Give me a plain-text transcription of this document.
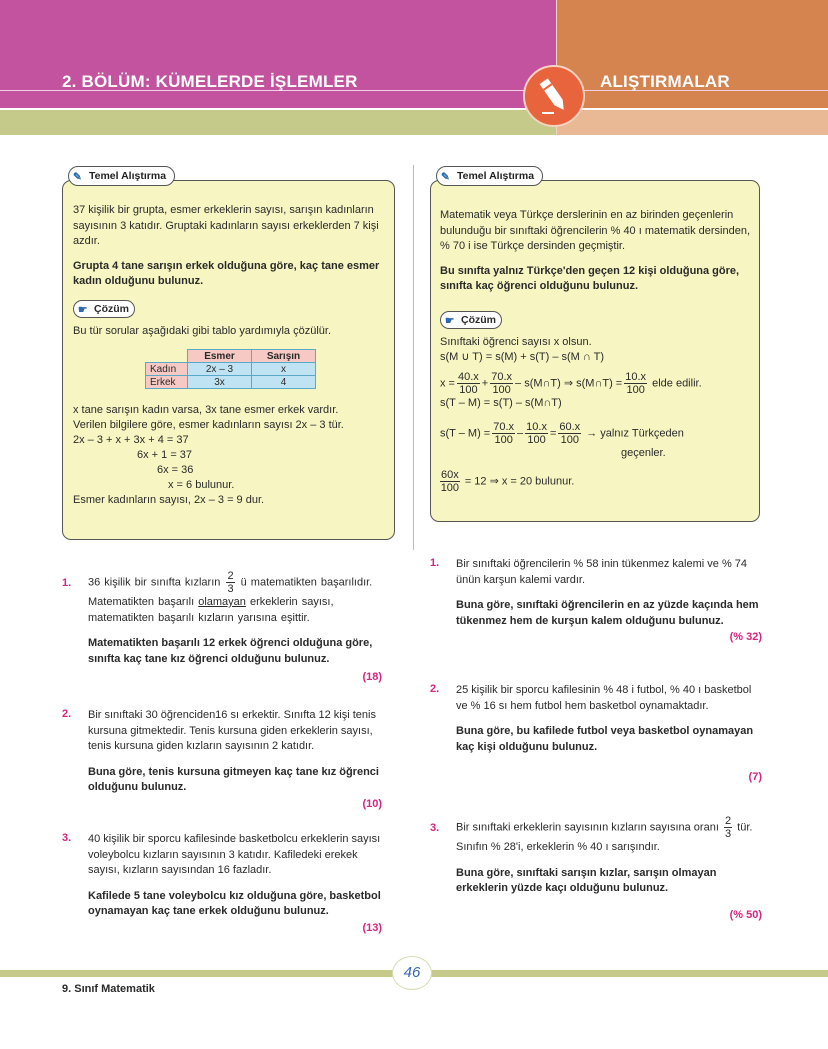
2. BÖLÜM: KÜMELERDE İŞLEMLER	ALIŞTIRMALAR

37 kişilik bir grupta, esmer erkeklerin sayısı, sarışın kadınların sayısının 3 katıdır. Gruptaki kadınların sayısı erkeklerden 7 kişi azdır.

Grupta 4 tane sarışın erkek olduğuna göre, kaç tane esmer kadın olduğunu bulunuz.

☛ Çözüm

Bu tür sorular aşağıdaki gibi tablo yardımıyla çözülür.

	Esmer	Sarışın
Kadın	2x – 3	x
Erkek	3x	4

x tane sarışın kadın varsa, 3x tane esmer erkek vardır.

Verilen bilgilere göre, esmer kadınların sayısı 2x – 3 tür.

2x – 3 + x + 3x + 4 = 37

6x + 1 = 37

6x = 36

x = 6 bulunur.

Esmer kadınların sayısı, 2x – 3 = 9 dur.

✎ Temel Alıştırma

Matematik veya Türkçe derslerinin en az birinden geçenlerin bulunduğu bir sınıftaki öğrencilerin % 40 ı matematik dersinden, % 70 i ise Türkçe dersinden geçmiştir.

Bu sınıfta yalnız Türkçe'den geçen 12 kişi olduğuna göre, sınıfta kaç öğrenci olduğunu bulunuz.

☛ Çözüm

Sınıftaki öğrenci sayısı x olsun.

s(M ∪ T) = s(M) + s(T) – s(M ∩ T)

$x = \frac{40.x}{100} + \frac{70.x}{100}$ – s(M∩T) ⇒ s(M∩T) = $\frac{10.x}{100}$ elde edilir.

s(T – M) = s(T) – s(M∩T)

$s(T - M) = \frac{70.x}{100} - \frac{10.x}{100} = \frac{60.x}{100}$ → yalnız Türkçeden

geçenler.

$\frac{60x}{100} = 12$ ⇒ x = 20 bulunur.

✎ Temel Alıştırma
1. 36 kişilik bir sınıfta kızların $\frac{2}{3}$ ü matematikten başarılıdır. Matematikten başarılı olamayan erkeklerin sayısı, matematikten başarılı kızların yarısına eşittir.

Matematikten başarılı 12 erkek öğrenci olduğuna göre, sınıfta kaç tane kız öğrenci olduğunu bulunuz.

(18)

2. Bir sınıftaki 30 öğrenciden16 sı erkektir. Sınıfta 12 kişi tenis kursuna gitmektedir. Tenis kursuna giden erkeklerin sayısı, tenis kursuna giden kızların sayısının 2 katıdır.

Buna göre, tenis kursuna gitmeyen kaç tane kız öğrenci olduğunu bulunuz.

(10)

3. 40 kişilik bir sporcu kafilesinde basketbolcu erkeklerin sayısı voleybolcu kızların sayısının 3 katıdır. Kafiledeki erekek sayısı, kızların sayısından 16 fazladır.

Kafilede 5 tane voleybolcu kız olduğuna göre, basketbol oynamayan kaç tane erkek olduğunu bulunuz.

(13)

1. Bir sınıftaki öğrencilerin % 58 inin tükenmez kalemi ve % 74 ünün karşun kalemi vardır.

Buna göre, sınıftaki öğrencilerin en az yüzde kaçında hem tükenmez hem de kurşun kalem olduğunu bulunuz.

(% 32)

2. 25 kişilik bir sporcu kafilesinin % 48 i futbol, % 40 ı basketbol ve % 16 sı hem futbol hem basketbol oynamaktadır.

Buna göre, bu kafilede futbol veya basketbol oynamayan kaç kişi olduğunu bulunuz.

(7)

3. Bir sınıftaki erkeklerin sayısının kızların sayısına oranı $\frac{2}{3}$ tür. Sınıfın % 28'i, erkeklerin % 40 ı sarışındır.

Buna göre, sınıftaki sarışın kızlar, sarışın olmayan erkeklerin yüzde kaçı olduğunu bulunuz.

(% 50)

46
9. Sınıf Matematik
